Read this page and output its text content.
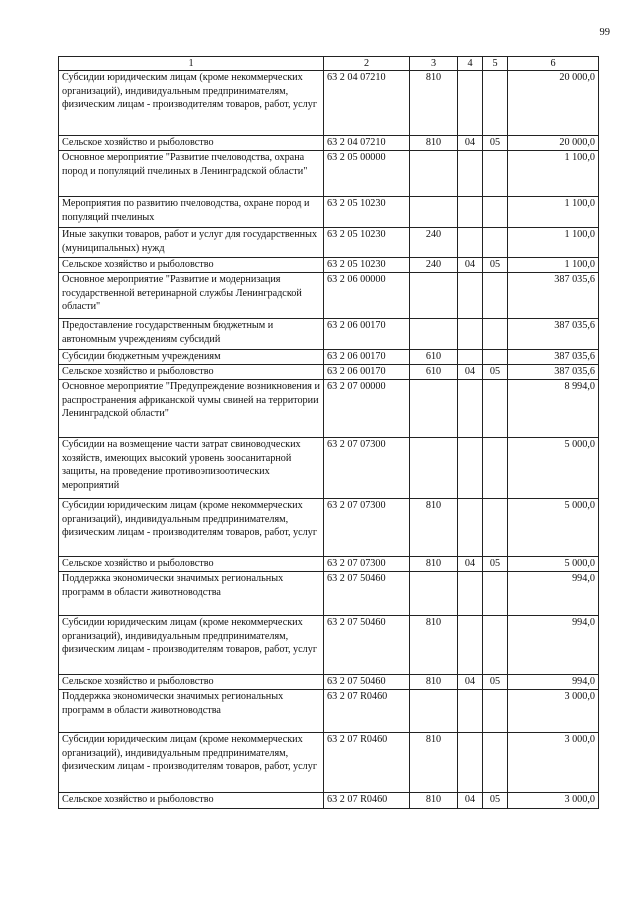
99
1	2	3	4	5	6
Субсидии юридическим лицам (кроме некоммерческих организаций), индивидуальным предпринимателям, физическим лицам - производителям товаров, работ, услуг	63 2 04 07210	810			20 000,0
Сельское хозяйство и рыболовство	63 2 04 07210	810	04	05	20 000,0
Основное мероприятие "Развитие пчеловодства, охрана пород и популяций пчелиных в Ленинградской области"	63 2 05 00000				1 100,0
Мероприятия по развитию пчеловодства, охране пород и популяций пчелиных	63 2 05 10230				1 100,0
Иные закупки товаров, работ и услуг для государственных (муниципальных) нужд	63 2 05 10230	240			1 100,0
Сельское хозяйство и рыболовство	63 2 05 10230	240	04	05	1 100,0
Основное мероприятие "Развитие и модернизация государственной ветеринарной службы Ленинградской области"	63 2 06 00000				387 035,6
Предоставление государственным бюджетным и автономным учреждениям субсидий	63 2 06 00170				387 035,6
Субсидии бюджетным учреждениям	63 2 06 00170	610			387 035,6
Сельское хозяйство и рыболовство	63 2 06 00170	610	04	05	387 035,6
Основное мероприятие "Предупреждение возникновения и распространения африканской чумы свиней на территории Ленинградской области"	63 2 07 00000				8 994,0
Субсидии на возмещение части затрат свиноводческих хозяйств, имеющих высокий уровень зоосанитарной защиты, на проведение противоэпизоотических мероприятий	63 2 07 07300				5 000,0
Субсидии юридическим лицам (кроме некоммерческих организаций), индивидуальным предпринимателям, физическим лицам - производителям товаров, работ, услуг	63 2 07 07300	810			5 000,0
Сельское хозяйство и рыболовство	63 2 07 07300	810	04	05	5 000,0
Поддержка экономически значимых региональных программ в области животноводства	63 2 07 50460				994,0
Субсидии юридическим лицам (кроме некоммерческих организаций), индивидуальным предпринимателям, физическим лицам - производителям товаров, работ, услуг	63 2 07 50460	810			994,0
Сельское хозяйство и рыболовство	63 2 07 50460	810	04	05	994,0
Поддержка экономически значимых региональных программ в области животноводства	63 2 07 R0460				3 000,0
Субсидии юридическим лицам (кроме некоммерческих организаций), индивидуальным предпринимателям, физическим лицам - производителям товаров, работ, услуг	63 2 07 R0460	810			3 000,0
Сельское хозяйство и рыболовство	63 2 07 R0460	810	04	05	3 000,0
